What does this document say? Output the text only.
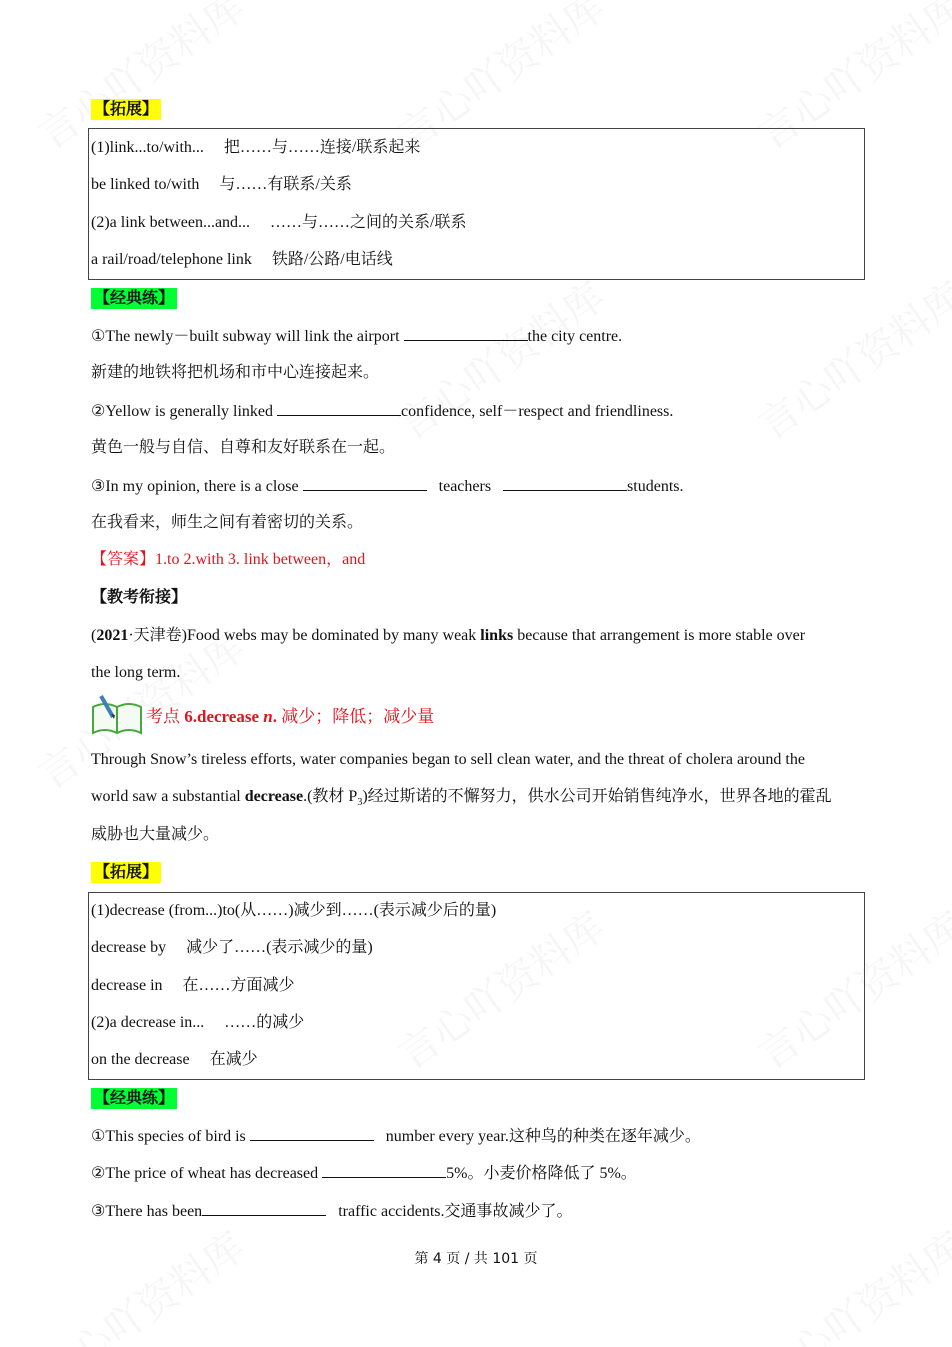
【拓展】
(1)link...to/with...　 把……与……连接/联系起来
be linked to/with　 与……有联系/关系
(2)a link between...and...　 ……与……之间的关系/联系
a rail/road/telephone link　 铁路/公路/电话线
【经典练】
①The newly－built subway will link the airport	the city centre.
新建的地铁将把机场和市中心连接起来。
②Yellow is generally linked	confidence, self－respect and friendliness.
黄色一般与自信、自尊和友好联系在一起。
③In my opinion, there is a close	teachers	students.
在我看来，师生之间有着密切的关系。
【答案】1.to 2.with 3. link between，and
【教考衔接】
(2021·天津卷)Food webs may be dominated by many weak links because that arrangement is more stable over
the long term.
考点 6.decrease n. 减少；降低；减少量
Through Snow’s tireless efforts, water companies began to sell clean water, and the threat of cholera around the
world saw a substantial decrease.(教材 $P_3$)经过斯诺的不懈努力，供水公司开始销售纯净水，世界各地的霍乱
威胁也大量减少。
【拓展】
(1)decrease (from...)to(从……)减少到……(表示减少后的量)
decrease by　 减少了……(表示减少的量)
decrease in　 在……方面减少
(2)a decrease in...　 ……的减少
on the decrease　 在减少
【经典练】
①This species of bird is	number every year.这种鸟的种类在逐年减少。
②The price of wheat has decreased	5%。小麦价格降低了 5%。
③There has been	traffic accidents.交通事故减少了。
第 4 页 / 共 101 页
